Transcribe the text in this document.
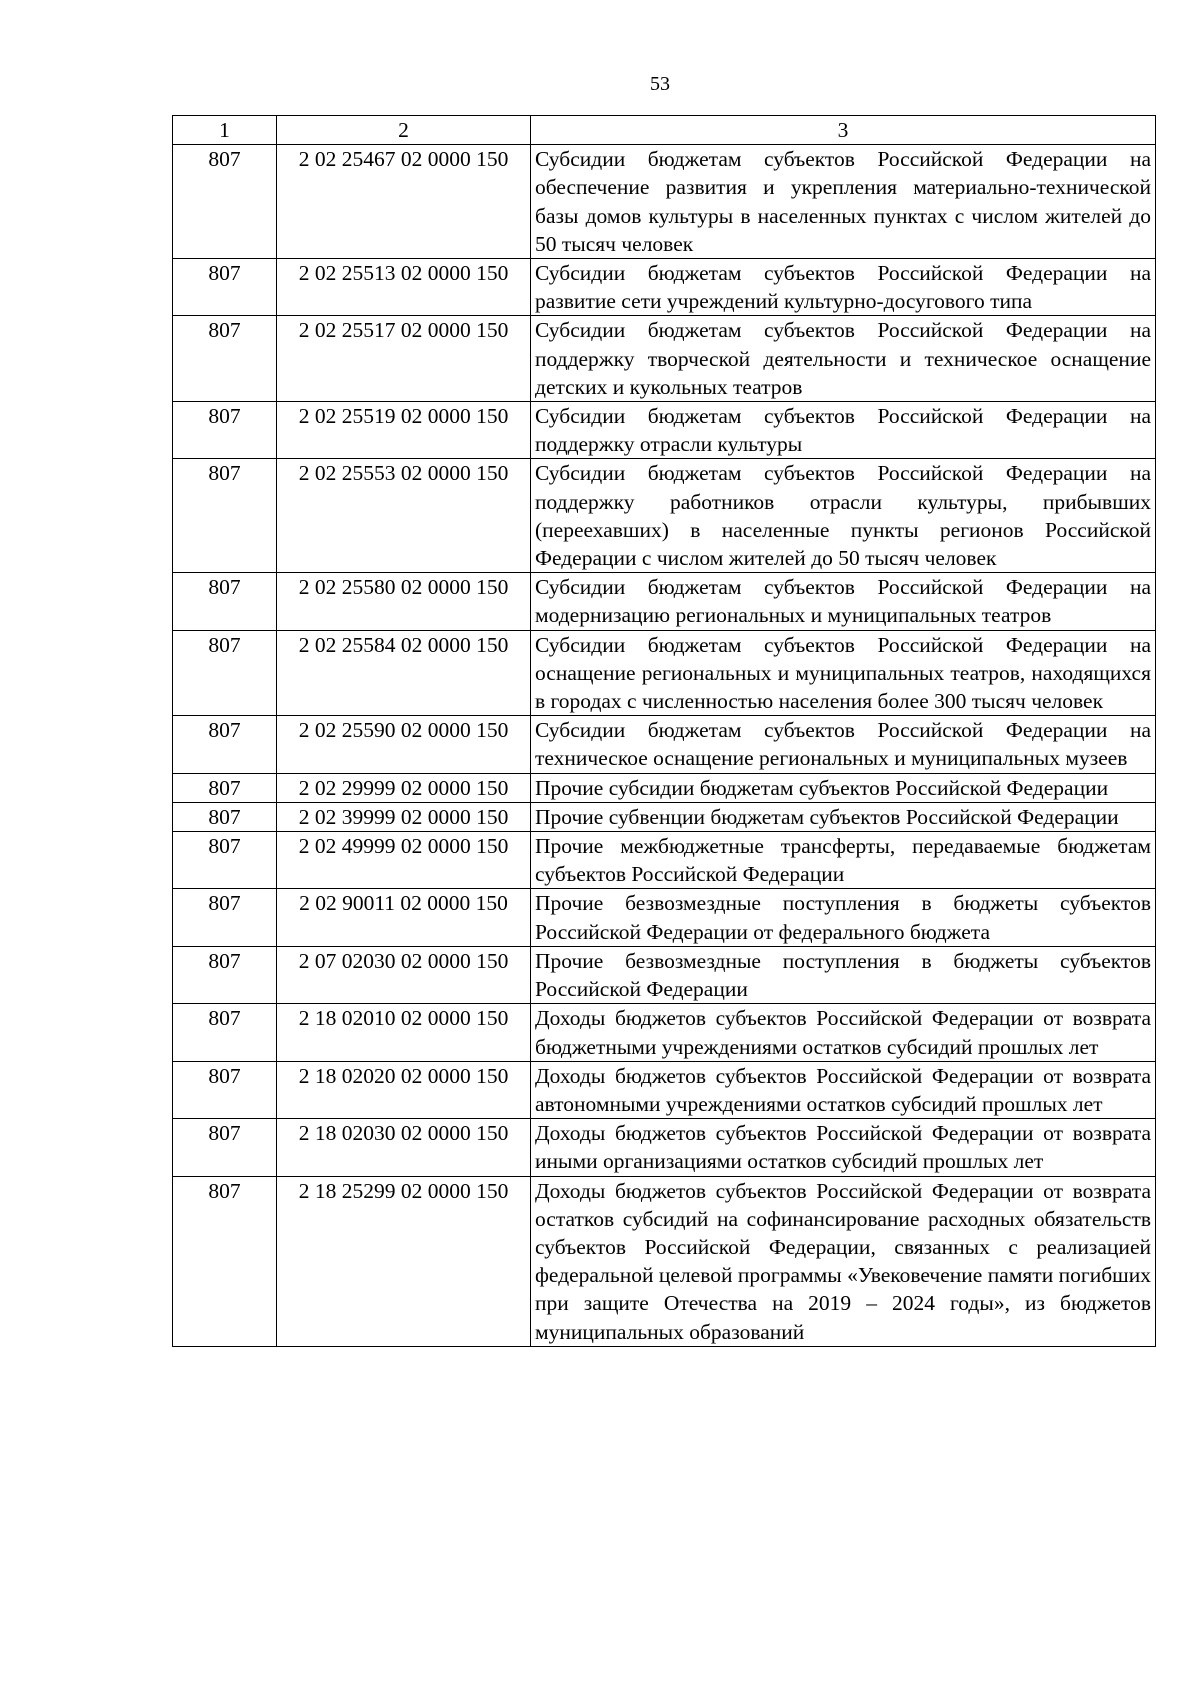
53
1	2	3
807	2 02 25467 02 0000 150	Субсидии бюджетам субъектов Российской Федерации на обеспечение развития и укрепления материально-технической базы домов культуры в населенных пунктах с числом жителей до 50 тысяч человек
807	2 02 25513 02 0000 150	Субсидии бюджетам субъектов Российской Федерации на развитие сети учреждений культурно-досугового типа
807	2 02 25517 02 0000 150	Субсидии бюджетам субъектов Российской Федерации на поддержку творческой деятельности и техническое оснащение детских и кукольных театров
807	2 02 25519 02 0000 150	Субсидии бюджетам субъектов Российской Федерации на поддержку отрасли культуры
807	2 02 25553 02 0000 150	Субсидии бюджетам субъектов Российской Федерации на поддержку работников отрасли культуры, прибывших (переехавших) в населенные пункты регионов Российской Федерации с числом жителей до 50 тысяч человек
807	2 02 25580 02 0000 150	Субсидии бюджетам субъектов Российской Федерации на модернизацию региональных и муниципальных театров
807	2 02 25584 02 0000 150	Субсидии бюджетам субъектов Российской Федерации на оснащение региональных и муниципальных театров, находящихся в городах с численностью населения более 300 тысяч человек
807	2 02 25590 02 0000 150	Субсидии бюджетам субъектов Российской Федерации на техническое оснащение региональных и муниципальных музеев
807	2 02 29999 02 0000 150	Прочие субсидии бюджетам субъектов Российской Федерации
807	2 02 39999 02 0000 150	Прочие субвенции бюджетам субъектов Российской Федерации
807	2 02 49999 02 0000 150	Прочие межбюджетные трансферты, передаваемые бюджетам субъектов Российской Федерации
807	2 02 90011 02 0000 150	Прочие безвозмездные поступления в бюджеты субъектов Российской Федерации от федерального бюджета
807	2 07 02030 02 0000 150	Прочие безвозмездные поступления в бюджеты субъектов Российской Федерации
807	2 18 02010 02 0000 150	Доходы бюджетов субъектов Российской Федерации от возврата бюджетными учреждениями остатков субсидий прошлых лет
807	2 18 02020 02 0000 150	Доходы бюджетов субъектов Российской Федерации от возврата автономными учреждениями остатков субсидий прошлых лет
807	2 18 02030 02 0000 150	Доходы бюджетов субъектов Российской Федерации от возврата иными организациями остатков субсидий прошлых лет
807	2 18 25299 02 0000 150	Доходы бюджетов субъектов Российской Федерации от возврата остатков субсидий на софинансирование расходных обязательств субъектов Российской Федерации, связанных с реализацией федеральной целевой программы «Увековечение памяти погибших при защите Отечества на 2019 – 2024 годы», из бюджетов муниципальных образований
